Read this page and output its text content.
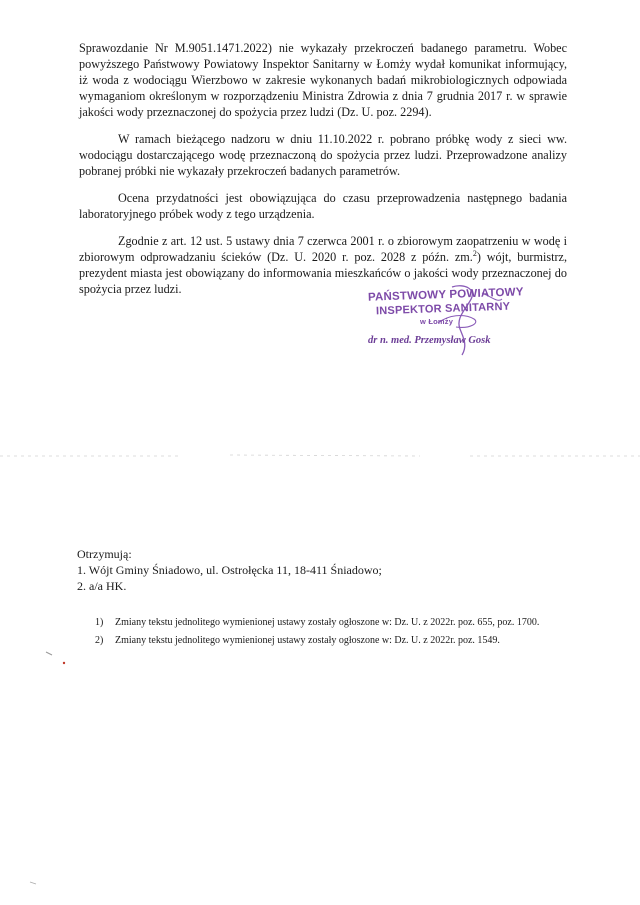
Sprawozdanie Nr M.9051.1471.2022) nie wykazały przekroczeń badanego parametru. Wobec powyższego Państwowy Powiatowy Inspektor Sanitarny w Łomży wydał komunikat informujący, iż woda z wodociągu Wierzbowo w zakresie wykonanych badań mikrobiologicznych odpowiada wymaganiom określonym w rozporządzeniu Ministra Zdrowia z dnia 7 grudnia 2017 r. w sprawie jakości wody przeznaczonej do spożycia przez ludzi (Dz. U. poz. 2294).

W ramach bieżącego nadzoru w dniu 11.10.2022 r. pobrano próbkę wody z sieci ww. wodociągu dostarczającego wodę przeznaczoną do spożycia przez ludzi. Przeprowadzone analizy pobranej próbki nie wykazały przekroczeń badanych parametrów.

Ocena przydatności jest obowiązująca do czasu przeprowadzenia następnego badania laboratoryjnego próbek wody z tego urządzenia.

Zgodnie z art. 12 ust. 5 ustawy dnia 7 czerwca 2001 r. o zbiorowym zaopatrzeniu w wodę i zbiorowym odprowadzaniu ścieków (Dz. U. 2020 r. poz. 2028 z późn. zm.$^2$) wójt, burmistrz, prezydent miasta jest obowiązany do informowania mieszkańców o jakości wody przeznaczonej do spożycia przez ludzi.	PAŃSTWOWY POWIATOWY
INSPEKTOR SANITARNY
w Łomży
dr n. med. Przemysław Gosk

Otrzymują:

1. Wójt Gminy Śniadowo, ul. Ostrołęcka 11, 18-411 Śniadowo;

2. a/a HK.

1)	Zmiany tekstu jednolitego wymienionej ustawy zostały ogłoszone w: Dz. U. z 2022r. poz. 655, poz. 1700.
2)	Zmiany tekstu jednolitego wymienionej ustawy zostały ogłoszone w: Dz. U. z 2022r. poz. 1549.
